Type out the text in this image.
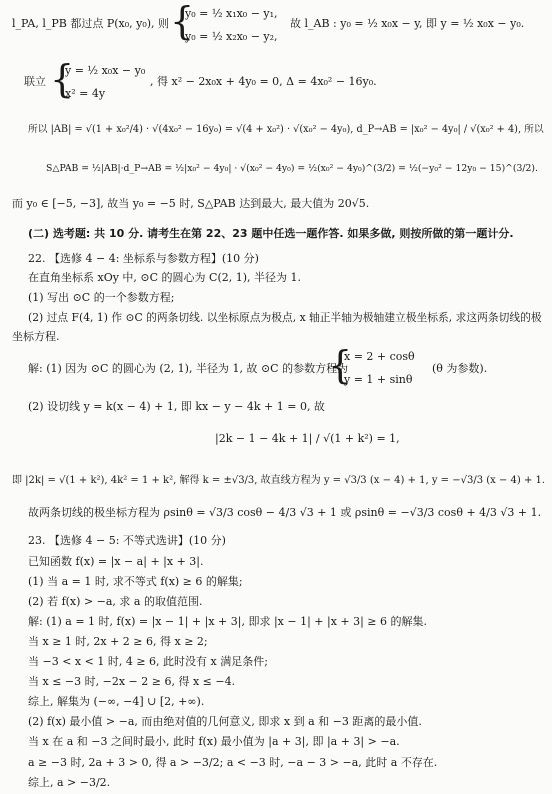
l_PA, l_PB 都过点 P(x₀, y₀), 则 {
y₀ = ½ x₁x₀ − y₁,
y₀ = ½ x₂x₀ − y₂,
故 l_AB : y₀ = ½ x₀x − y, 即 y = ½ x₀x − y₀.
联立 {
y = ½ x₀x − y₀
x² = 4y
, 得 x² − 2x₀x + 4y₀ = 0, Δ = 4x₀² − 16y₀.
所以 |AB| = √(1 + x₀²/4) · √(4x₀² − 16y₀) = √(4 + x₀²) · √(x₀² − 4y₀), d_P→AB = |x₀² − 4y₀| / √(x₀² + 4), 所以
S△PAB = ½|AB|·d_P→AB = ½|x₀² − 4y₀| · √(x₀² − 4y₀) = ½(x₀² − 4y₀)^(3/2) = ½(−y₀² − 12y₀ − 15)^(3/2).
而 y₀ ∈ [−5, −3], 故当 y₀ = −5 时, S△PAB 达到最大, 最大值为 20√5.
(二) 选考题: 共 10 分. 请考生在第 22、23 题中任选一题作答. 如果多做, 则按所做的第一题计分.
22. 【选修 4 − 4: 坐标系与参数方程】(10 分)
在直角坐标系 xOy 中, ⊙C 的圆心为 C(2, 1), 半径为 1.
(1) 写出 ⊙C 的一个参数方程;
(2) 过点 F(4, 1) 作 ⊙C 的两条切线. 以坐标原点为极点, x 轴正半轴为极轴建立极坐标系, 求这两条切线的极
坐标方程.
解: (1) 因为 ⊙C 的圆心为 (2, 1), 半径为 1, 故 ⊙C 的参数方程为
{
x = 2 + cosθ
y = 1 + sinθ
(θ 为参数).
(2) 设切线 y = k(x − 4) + 1, 即 kx − y − 4k + 1 = 0, 故
|2k − 1 − 4k + 1| / √(1 + k²) = 1,
即 |2k| = √(1 + k²), 4k² = 1 + k², 解得 k = ±√3/3, 故直线方程为 y = √3/3 (x − 4) + 1, y = −√3/3 (x − 4) + 1.
故两条切线的极坐标方程为 ρsinθ = √3/3 cosθ − 4/3 √3 + 1 或 ρsinθ = −√3/3 cosθ + 4/3 √3 + 1.
23. 【选修 4 − 5: 不等式选讲】(10 分)
已知函数 f(x) = |x − a| + |x + 3|.
(1) 当 a = 1 时, 求不等式 f(x) ≥ 6 的解集;
(2) 若 f(x) > −a, 求 a 的取值范围.
解: (1) a = 1 时, f(x) = |x − 1| + |x + 3|, 即求 |x − 1| + |x + 3| ≥ 6 的解集.
当 x ≥ 1 时, 2x + 2 ≥ 6, 得 x ≥ 2;
当 −3 < x < 1 时, 4 ≥ 6, 此时没有 x 满足条件;
当 x ≤ −3 时, −2x − 2 ≥ 6, 得 x ≤ −4.
综上, 解集为 (−∞, −4] ∪ [2, +∞).
(2) f(x) 最小值 > −a, 而由绝对值的几何意义, 即求 x 到 a 和 −3 距离的最小值.
当 x 在 a 和 −3 之间时最小, 此时 f(x) 最小值为 |a + 3|, 即 |a + 3| > −a.
a ≥ −3 时, 2a + 3 > 0, 得 a > −3/2; a < −3 时, −a − 3 > −a, 此时 a 不存在.
综上, a > −3/2.
